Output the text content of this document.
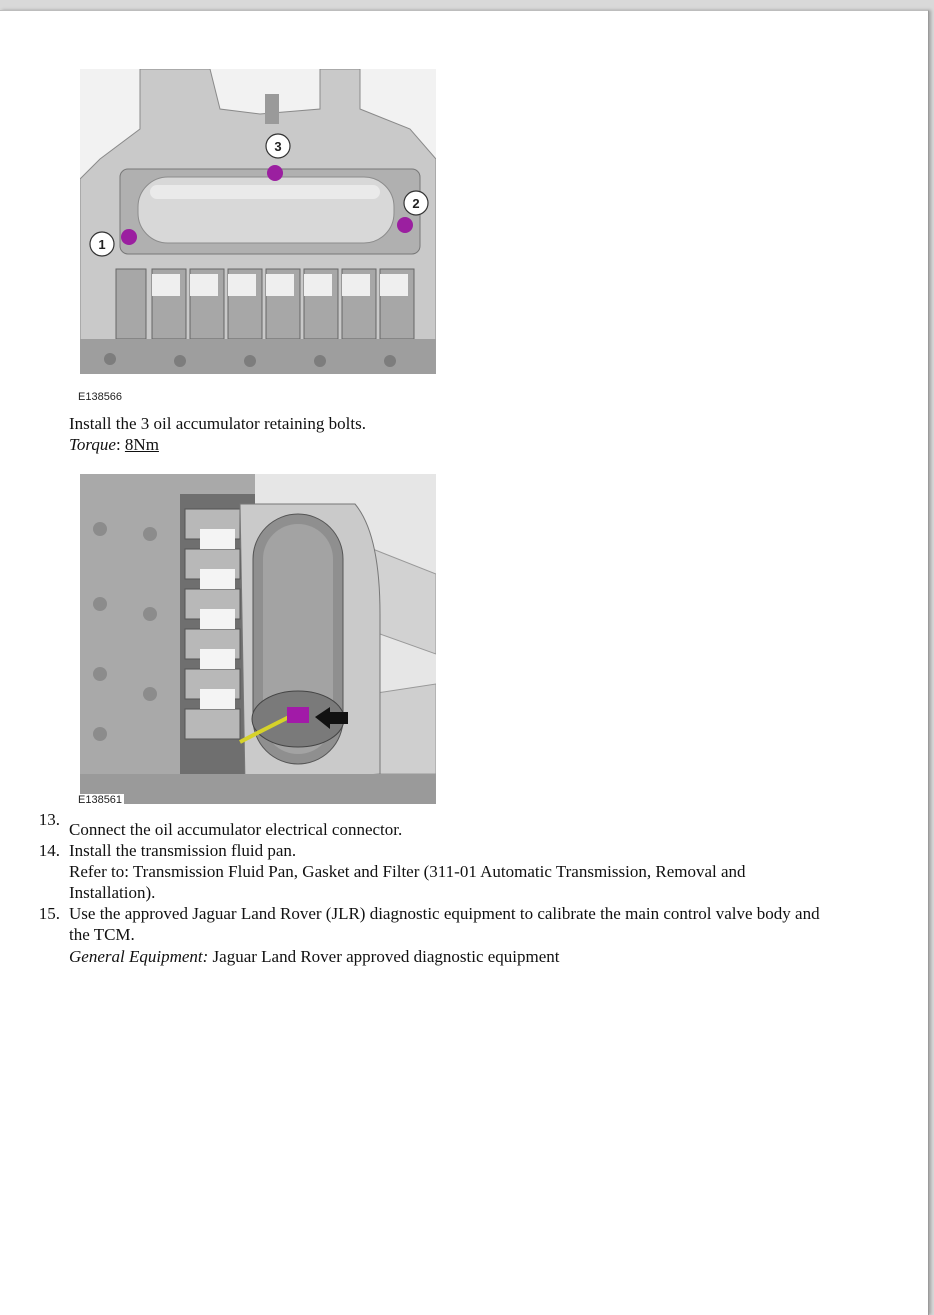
3
2
1
E138566
Install the 3 oil accumulator retaining bolts.
Torque: 8Nm
E138561
13.
Connect the oil accumulator electrical connector.
14. Install the transmission fluid pan.
Refer to: Transmission Fluid Pan, Gasket and Filter (311-01 Automatic Transmission, Removal and
Installation).
15. Use the approved Jaguar Land Rover (JLR) diagnostic equipment to calibrate the main control valve body and
the TCM.
General Equipment: Jaguar Land Rover approved diagnostic equipment
